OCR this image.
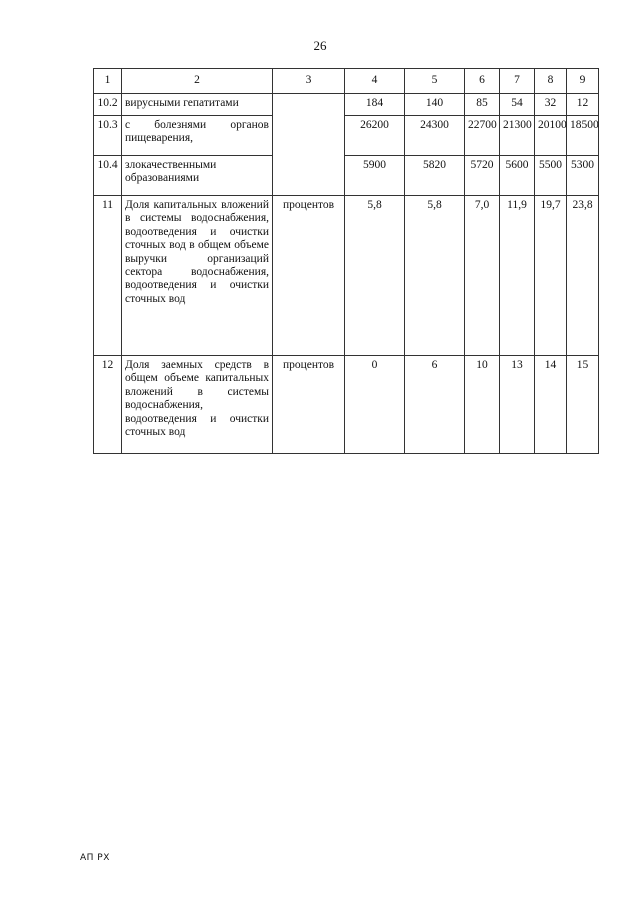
26
1	2	3	4	5	6	7	8	9
10.2	вирусными гепатитами		184	140	85	54	32	12
10.3	с болезнями органов пищеварения,		26200	24300	22700	21300	20100	18500
10.4	злокачественными образованиями		5900	5820	5720	5600	5500	5300
11	Доля капитальных вложений в системы водоснабжения, водоотведения и очистки сточных вод в общем объеме выручки организаций сектора водоснабжения, водоотведения и очистки сточных вод	процентов	5,8	5,8	7,0	11,9	19,7	23,8
12	Доля заемных средств в общем объеме капитальных вложений в системы водоснабжения, водоотведения и очистки сточных вод	процентов	0	6	10	13	14	15
АП РХ
